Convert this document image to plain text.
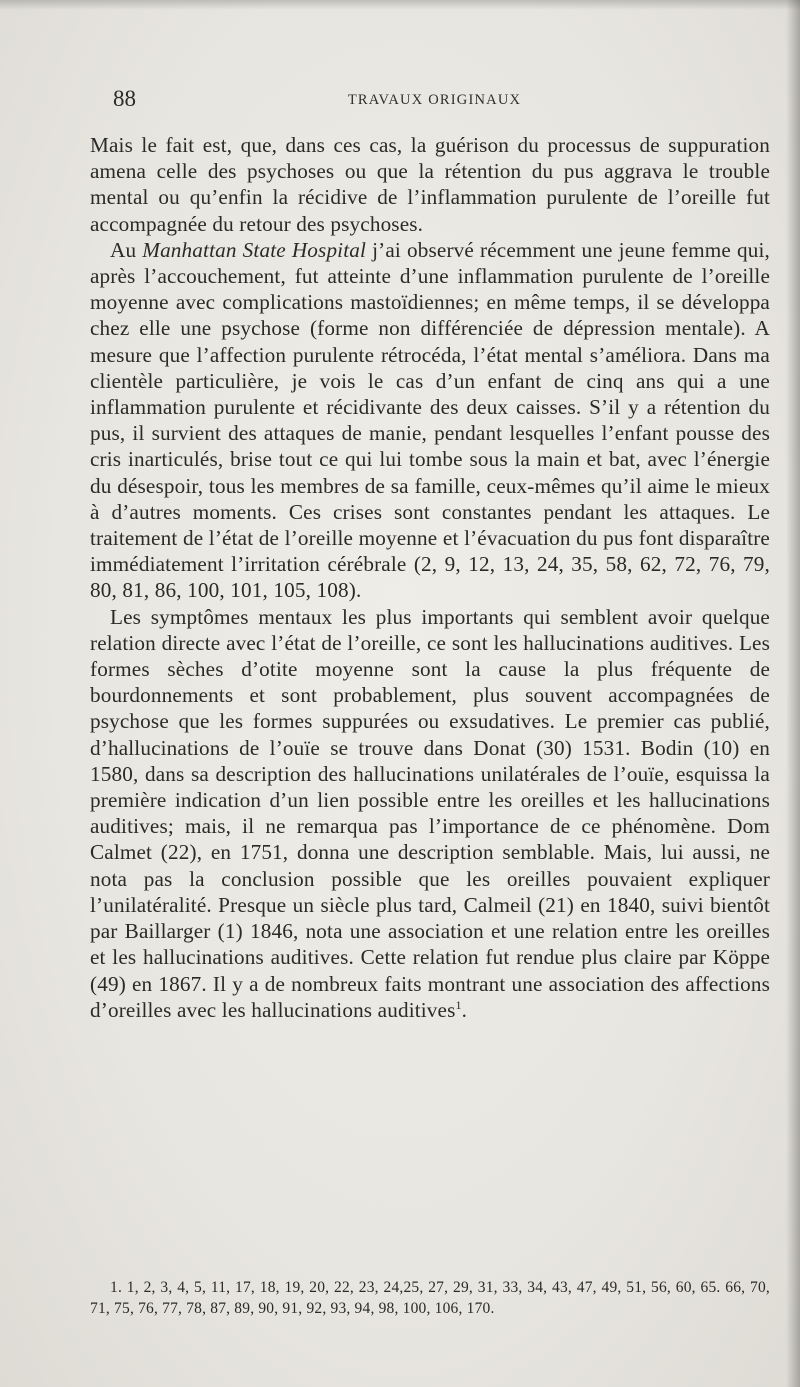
88	TRAVAUX ORIGINAUX

Mais le fait est, que, dans ces cas, la guérison du processus de suppuration amena celle des psychoses ou que la rétention du pus aggrava le trouble mental ou qu’enfin la récidive de l’inflammation purulente de l’oreille fut accompagnée du retour des psychoses.

Au Manhattan State Hospital j’ai observé récemment une jeune femme qui, après l’accouchement, fut atteinte d’une inflammation purulente de l’oreille moyenne avec complications mastoïdiennes; en même temps, il se développa chez elle une psychose (forme non différenciée de dépression mentale). A mesure que l’affection purulente rétrocéda, l’état mental s’améliora. Dans ma clientèle particulière, je vois le cas d’un enfant de cinq ans qui a une inflammation purulente et récidivante des deux caisses. S’il y a rétention du pus, il survient des attaques de manie, pendant lesquelles l’enfant pousse des cris inarticulés, brise tout ce qui lui tombe sous la main et bat, avec l’énergie du désespoir, tous les membres de sa famille, ceux-mêmes qu’il aime le mieux à d’autres moments. Ces crises sont constantes pendant les attaques. Le traitement de l’état de l’oreille moyenne et l’évacuation du pus font disparaître immédiatement l’irritation cérébrale (2, 9, 12, 13, 24, 35, 58, 62, 72, 76, 79, 80, 81, 86, 100, 101, 105, 108).

Les symptômes mentaux les plus importants qui semblent avoir quelque relation directe avec l’état de l’oreille, ce sont les hallucinations auditives. Les formes sèches d’otite moyenne sont la cause la plus fréquente de bourdonnements et sont probablement, plus souvent accompagnées de psychose que les formes suppurées ou exsudatives. Le premier cas publié, d’hallucinations de l’ouïe se trouve dans Donat (30) 1531. Bodin (10) en 1580, dans sa description des hallucinations unilatérales de l’ouïe, esquissa la première indication d’un lien possible entre les oreilles et les hallucinations auditives; mais, il ne remarqua pas l’importance de ce phénomène. Dom Calmet (22), en 1751, donna une description semblable. Mais, lui aussi, ne nota pas la conclusion possible que les oreilles pouvaient expliquer l’unilatéralité. Presque un siècle plus tard, Calmeil (21) en 1840, suivi bientôt par Baillarger (1) 1846, nota une association et une relation entre les oreilles et les hallucinations auditives. Cette relation fut rendue plus claire par Köppe (49) en 1867. Il y a de nombreux faits montrant une association des affections d’oreilles avec les hallucinations auditives$^1$.

1. 1, 2, 3, 4, 5, 11, 17, 18, 19, 20, 22, 23, 24,25, 27, 29, 31, 33, 34, 43, 47, 49, 51, 56, 60, 65. 66, 70, 71, 75, 76, 77, 78, 87, 89, 90, 91, 92, 93, 94, 98, 100, 106, 170.
